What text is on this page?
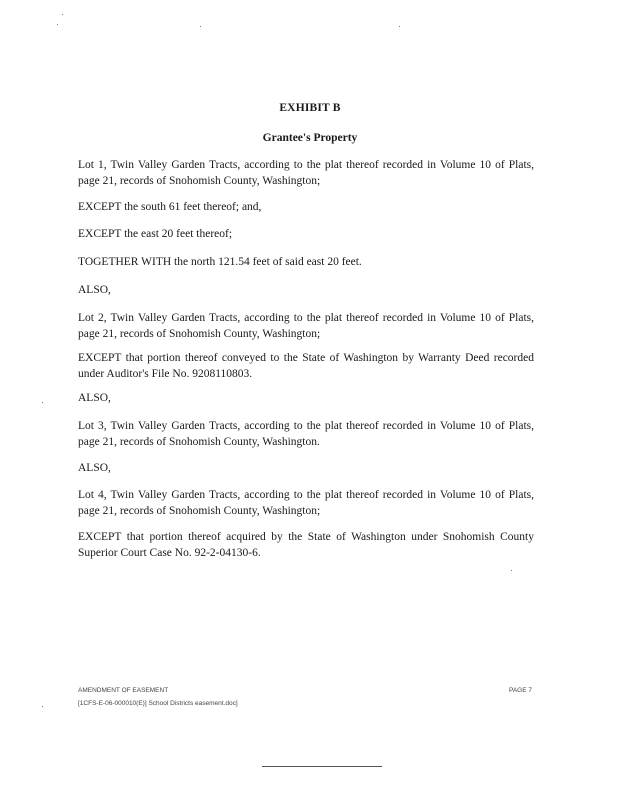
EXHIBIT B
Grantee's Property

Lot 1, Twin Valley Garden Tracts, according to the plat thereof recorded in Volume 10 of Plats, page 21, records of Snohomish County, Washington;

EXCEPT the south 61 feet thereof; and,

EXCEPT the east 20 feet thereof;

TOGETHER WITH the north 121.54 feet of said east 20 feet.

ALSO,

Lot 2, Twin Valley Garden Tracts, according to the plat thereof recorded in Volume 10 of Plats, page 21, records of Snohomish County, Washington;

EXCEPT that portion thereof conveyed to the State of Washington by Warranty Deed recorded under Auditor's File No. 9208110803.

ALSO,

Lot 3, Twin Valley Garden Tracts, according to the plat thereof recorded in Volume 10 of Plats, page 21, records of Snohomish County, Washington.

ALSO,

Lot 4, Twin Valley Garden Tracts, according to the plat thereof recorded in Volume 10 of Plats, page 21, records of Snohomish County, Washington;

EXCEPT that portion thereof acquired by the State of Washington under Snohomish County Superior Court Case No. 92-2-04130-6.

AMENDMENT OF EASEMENT
[1CFS-E-06-000010(E)] School Districts easement.doc]
PAGE 7
